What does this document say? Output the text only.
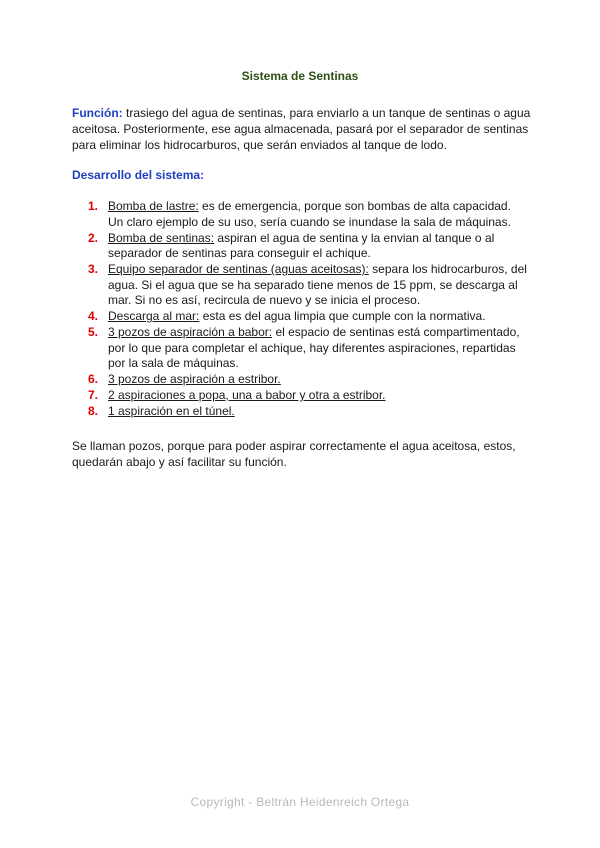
Sistema de Sentinas
Función: trasiego del agua de sentinas, para enviarlo a un tanque de sentinas o agua aceitosa. Posteriormente, ese agua almacenada, pasará por el separador de sentinas para eliminar los hidrocarburos, que serán enviados al tanque de lodo.
Desarrollo del sistema:
1. Bomba de lastre: es de emergencia, porque son bombas de alta capacidad. Un claro ejemplo de su uso, sería cuando se inundase la sala de máquinas.
2. Bomba de sentinas: aspiran el agua de sentina y la envian al tanque o al separador de sentinas para conseguir el achique.
3. Equipo separador de sentinas (aguas aceitosas): separa los hidrocarburos, del agua. Si el agua que se ha separado tiene menos de 15 ppm, se descarga al mar. Si no es así, recircula de nuevo y se inicia el proceso.
4. Descarga al mar: esta es del agua limpia que cumple con la normativa.
5. 3 pozos de aspiración a babor: el espacio de sentinas está compartimentado, por lo que para completar el achique, hay diferentes aspiraciones, repartidas por la sala de máquinas.
6. 3 pozos de aspiración a estribor.
7. 2 aspiraciones a popa, una a babor y otra a estribor.
8. 1 aspiración en el túnel.
Se llaman pozos, porque para poder aspirar correctamente el agua aceitosa, estos, quedarán abajo y así facilitar su función.
Copyright - Beltrán Heidenreich Ortega
